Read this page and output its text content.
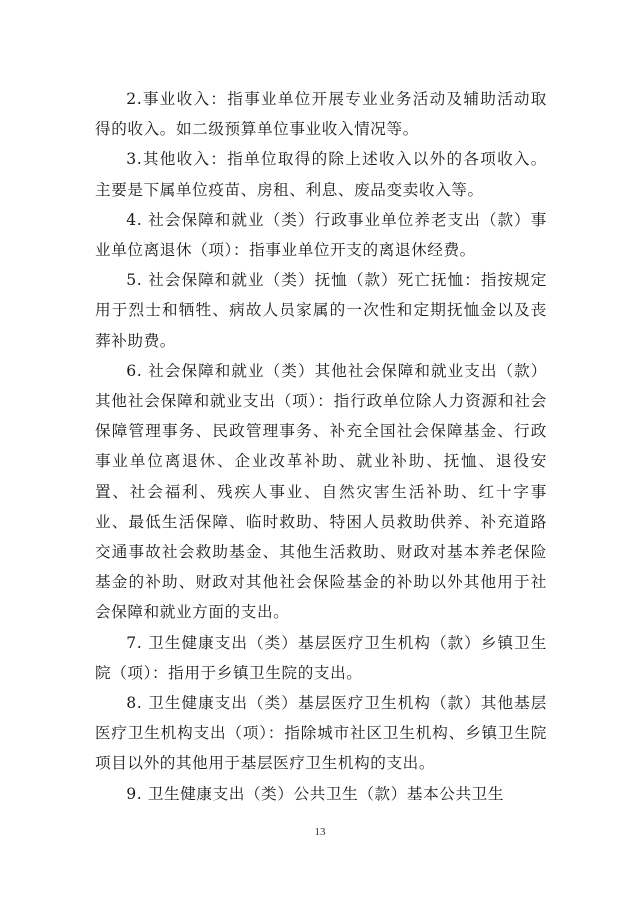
2.事业收入：指事业单位开展专业业务活动及辅助活动取得的收入。如二级预算单位事业收入情况等。

3.其他收入：指单位取得的除上述收入以外的各项收入。主要是下属单位疫苗、房租、利息、废品变卖收入等。

4. 社会保障和就业（类）行政事业单位养老支出（款）事业单位离退休（项）：指事业单位开支的离退休经费。

5. 社会保障和就业（类）抚恤（款）死亡抚恤：指按规定用于烈士和牺牲、病故人员家属的一次性和定期抚恤金以及丧葬补助费。

6. 社会保障和就业（类）其他社会保障和就业支出（款）其他社会保障和就业支出（项）：指行政单位除人力资源和社会保障管理事务、民政管理事务、补充全国社会保障基金、行政事业单位离退休、企业改革补助、就业补助、抚恤、退役安置、社会福利、残疾人事业、自然灾害生活补助、红十字事业、最低生活保障、临时救助、特困人员救助供养、补充道路交通事故社会救助基金、其他生活救助、财政对基本养老保险基金的补助、财政对其他社会保险基金的补助以外其他用于社会保障和就业方面的支出。

7. 卫生健康支出（类）基层医疗卫生机构（款）乡镇卫生院（项）：指用于乡镇卫生院的支出。

8. 卫生健康支出（类）基层医疗卫生机构（款）其他基层医疗卫生机构支出（项）：指除城市社区卫生机构、乡镇卫生院项目以外的其他用于基层医疗卫生机构的支出。

9. 卫生健康支出（类）公共卫生（款）基本公共卫生

13
